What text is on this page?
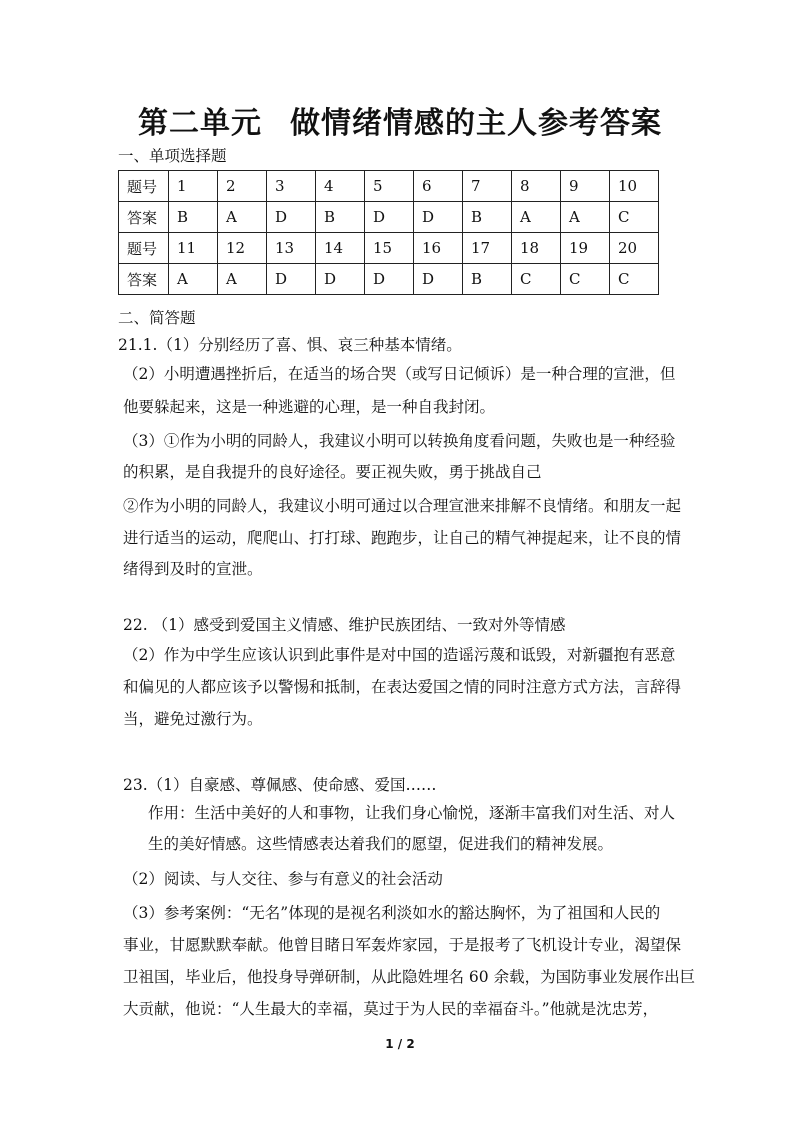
第二单元 做情绪情感的主人参考答案
一、单项选择题
题号	1	2	3	4	5	6	7	8	9	10
答案	B	A	D	B	D	D	B	A	A	C
题号	11	12	13	14	15	16	17	18	19	20
答案	A	A	D	D	D	D	B	C	C	C
二、简答题
21.1.（1）分别经历了喜、惧、哀三种基本情绪。
（2）小明遭遇挫折后，在适当的场合哭（或写日记倾诉）是一种合理的宣泄，但
他要躲起来，这是一种逃避的心理，是一种自我封闭。
（3）①作为小明的同龄人，我建议小明可以转换角度看问题，失败也是一种经验
的积累，是自我提升的良好途径。要正视失败，勇于挑战自己
②作为小明的同龄人，我建议小明可通过以合理宣泄来排解不良情绪。和朋友一起
进行适当的运动，爬爬山、打打球、跑跑步，让自己的精气神提起来，让不良的情
绪得到及时的宣泄。
22. （1）感受到爱国主义情感、维护民族团结、一致对外等情感
（2）作为中学生应该认识到此事件是对中国的造谣污蔑和诋毁，对新疆抱有恶意
和偏见的人都应该予以警惕和抵制，在表达爱国之情的同时注意方式方法，言辞得
当，避免过激行为。
23.（1）自豪感、尊佩感、使命感、爱国……
作用：生活中美好的人和事物，让我们身心愉悦，逐渐丰富我们对生活、对人
生的美好情感。这些情感表达着我们的愿望，促进我们的精神发展。
（2）阅读、与人交往、参与有意义的社会活动
（3）参考案例：“无名”体现的是视名利淡如水的豁达胸怀，为了祖国和人民的
事业，甘愿默默奉献。他曾目睹日军轰炸家园，于是报考了飞机设计专业，渴望保
卫祖国，毕业后，他投身导弹研制，从此隐姓埋名 60 余载，为国防事业发展作出巨
大贡献，他说：“人生最大的幸福，莫过于为人民的幸福奋斗。”他就是沈忠芳，
1 / 2
